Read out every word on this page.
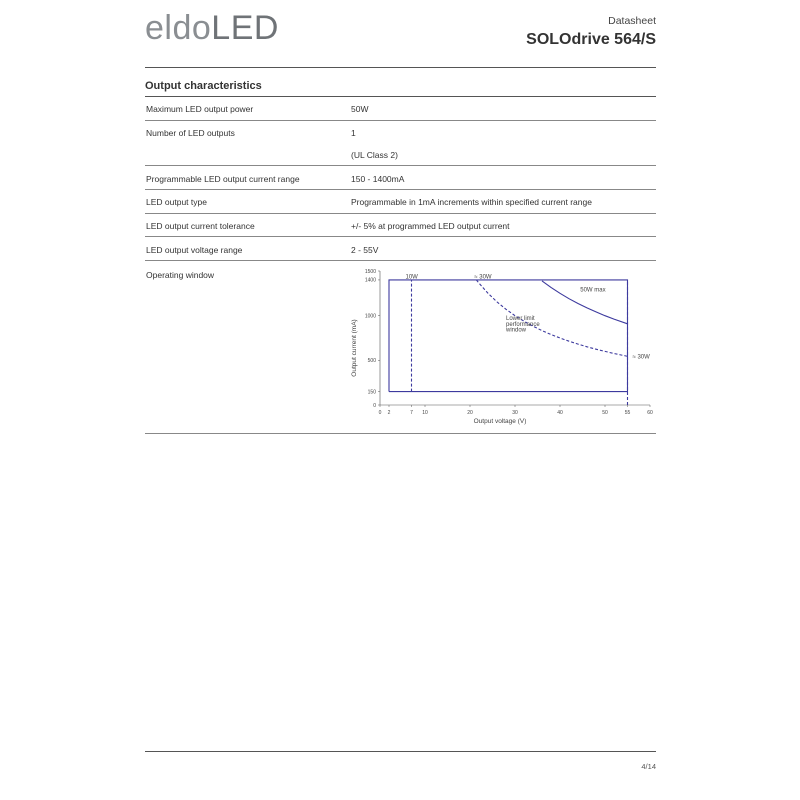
eldoLED	Datasheet
SOLOdrive 564/S
Output characteristics
Maximum LED output power	50W
Number of LED outputs	1
(UL Class 2)
Programmable LED output current range	150 - 1400mA
LED output type	Programmable in 1mA increments within specified current range
LED output current tolerance	+/- 5% at programmed LED output current
LED output voltage range	2 - 55V
Operating window
0 2	7 10	20	30	40	50	55	60
0
150
500
1000
1400
1500
Output voltage (V)
Output current (mA)
10W	≈ 30W
50W max
Lower limit
performance
window
≈ 30W
4/14
